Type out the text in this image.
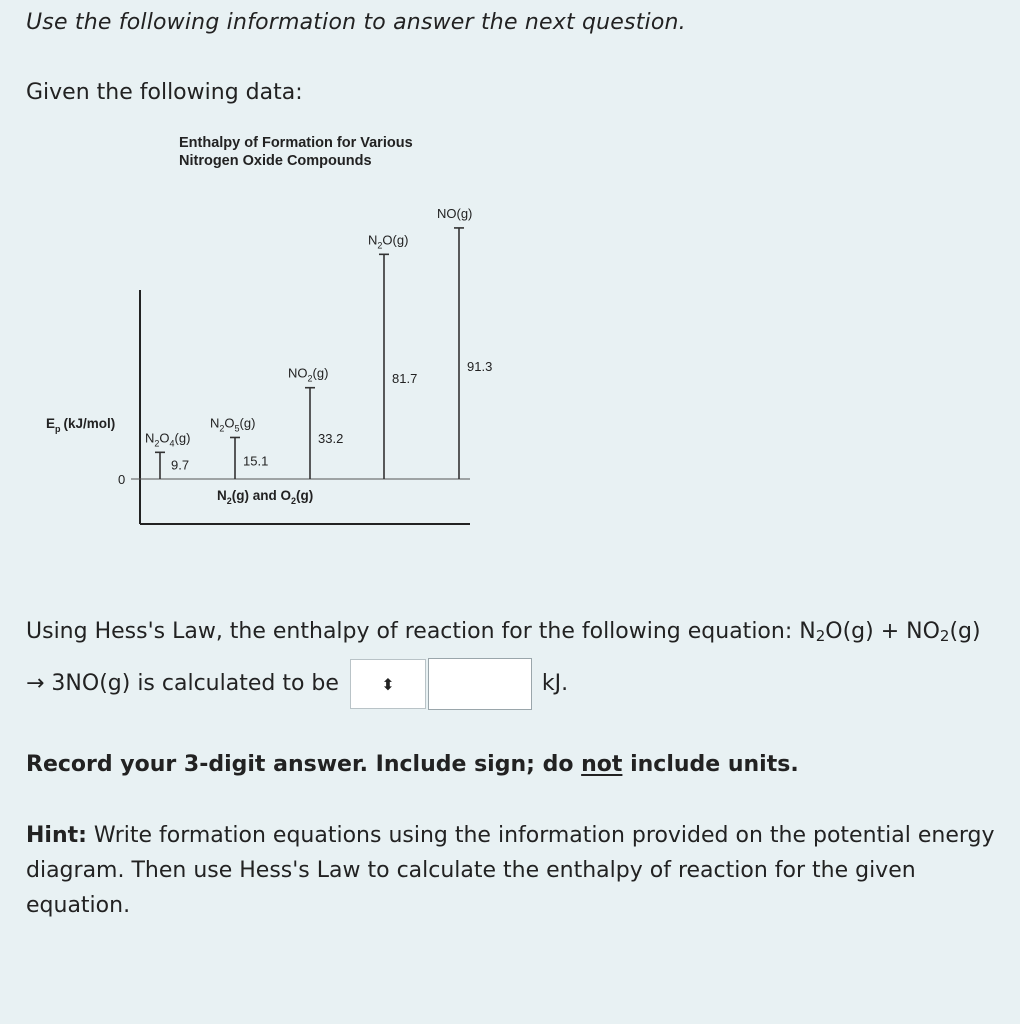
Use the following information to answer the next question.
Given the following data:
Enthalpy of Formation for Various
Nitrogen Oxide Compounds
0
$E_p$ (kJ/mol)
$N_2(g)$ and $O_2(g)$
$N_2O_4(g)$
9.7
$N_2O_5(g)$
15.1
$NO_2(g)$
33.2
$N_2O(g)$
81.7
NO(g)
91.3
Using Hess's Law, the enthalpy of reaction for the following equation: $N_2O(g) + NO_2(g) \to 3NO(g)$ is calculated to be	⬍	kJ.
Record your 3-digit answer. Include sign; do not include units.
Hint: Write formation equations using the information provided on the potential energy diagram. Then use Hess's Law to calculate the enthalpy of reaction for the given equation.
